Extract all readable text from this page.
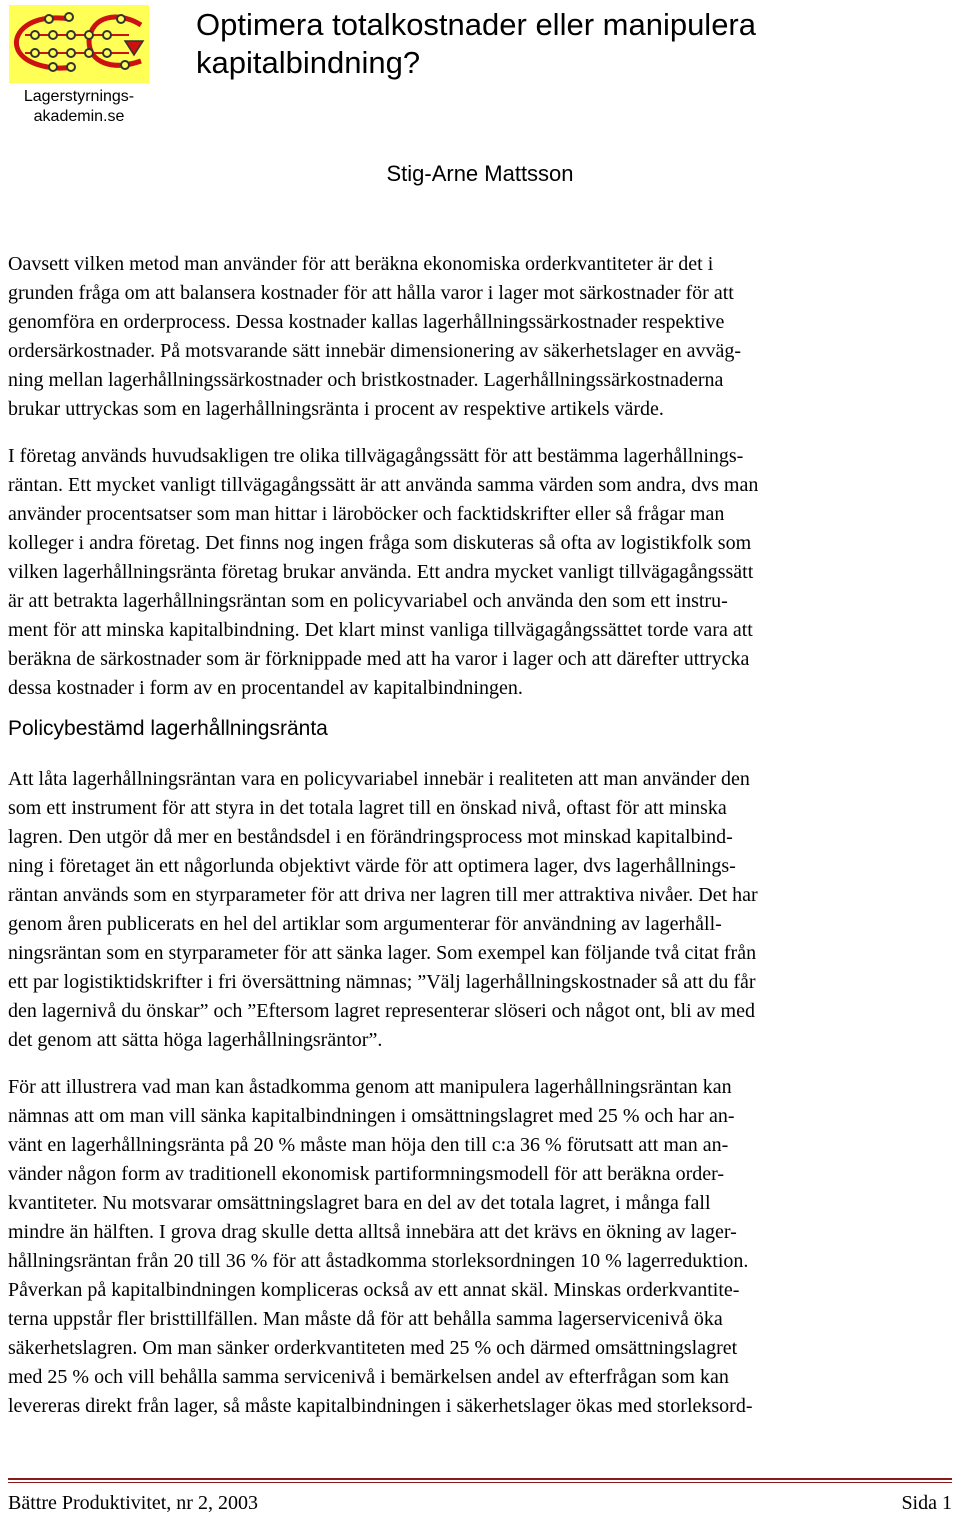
Lagerstyrnings-
akademin.se
Optimera totalkostnader eller manipulera
kapitalbindning?
Stig-Arne Mattsson
Oavsett vilken metod man använder för att beräkna ekonomiska orderkvantiteter är det i
grunden fråga om att balansera kostnader för att hålla varor i lager mot särkostnader för att
genomföra en orderprocess. Dessa kostnader kallas lagerhållningssärkostnader respektive
ordersärkostnader. På motsvarande sätt innebär dimensionering av säkerhetslager en avväg-
ning mellan lagerhållningssärkostnader och bristkostnader. Lagerhållningssärkostnaderna
brukar uttryckas som en lagerhållningsränta i procent av respektive artikels värde.
I företag används huvudsakligen tre olika tillvägagångssätt för att bestämma lagerhållnings-
räntan. Ett mycket vanligt tillvägagångssätt är att använda samma värden som andra, dvs man
använder procentsatser som man hittar i läroböcker och facktidskrifter eller så frågar man
kolleger i andra företag. Det finns nog ingen fråga som diskuteras så ofta av logistikfolk som
vilken lagerhållningsränta företag brukar använda. Ett andra mycket vanligt tillvägagångssätt
är att betrakta lagerhållningsräntan som en policyvariabel och använda den som ett instru-
ment för att minska kapitalbindning. Det klart minst vanliga tillvägagångssättet torde vara att
beräkna de särkostnader som är förknippade med att ha varor i lager och att därefter uttrycka
dessa kostnader i form av en procentandel av kapitalbindningen.
Policybestämd lagerhållningsränta
Att låta lagerhållningsräntan vara en policyvariabel innebär i realiteten att man använder den
som ett instrument för att styra in det totala lagret till en önskad nivå, oftast för att minska
lagren. Den utgör då mer en beståndsdel i en förändringsprocess mot minskad kapitalbind-
ning i företaget än ett någorlunda objektivt värde för att optimera lager, dvs lagerhållnings-
räntan används som en styrparameter för att driva ner lagren till mer attraktiva nivåer. Det har
genom åren publicerats en hel del artiklar som argumenterar för användning av lagerhåll-
ningsräntan som en styrparameter för att sänka lager. Som exempel kan följande två citat från
ett par logistiktidskrifter i fri översättning nämnas; ”Välj lagerhållningskostnader så att du får
den lagernivå du önskar” och ”Eftersom lagret representerar slöseri och något ont, bli av med
det genom att sätta höga lagerhållningsräntor”.
För att illustrera vad man kan åstadkomma genom att manipulera lagerhållningsräntan kan
nämnas att om man vill sänka kapitalbindningen i omsättningslagret med 25 % och har an-
vänt en lagerhållningsränta på 20 % måste man höja den till c:a 36 % förutsatt att man an-
vänder någon form av traditionell ekonomisk partiformningsmodell för att beräkna order-
kvantiteter. Nu motsvarar omsättningslagret bara en del av det totala lagret, i många fall
mindre än hälften. I grova drag skulle detta alltså innebära att det krävs en ökning av lager-
hållningsräntan från 20 till 36 % för att åstadkomma storleksordningen 10 % lagerreduktion.
Påverkan på kapitalbindningen kompliceras också av ett annat skäl. Minskas orderkvantite-
terna uppstår fler bristtillfällen. Man måste då för att behålla samma lagerservicenivå öka
säkerhetslagren. Om man sänker orderkvantiteten med 25 % och därmed omsättningslagret
med 25 % och vill behålla samma servicenivå i bemärkelsen andel av efterfrågan som kan
levereras direkt från lager, så måste kapitalbindningen i säkerhetslager ökas med storleksord-
Bättre Produktivitet, nr 2, 2003	Sida 1
